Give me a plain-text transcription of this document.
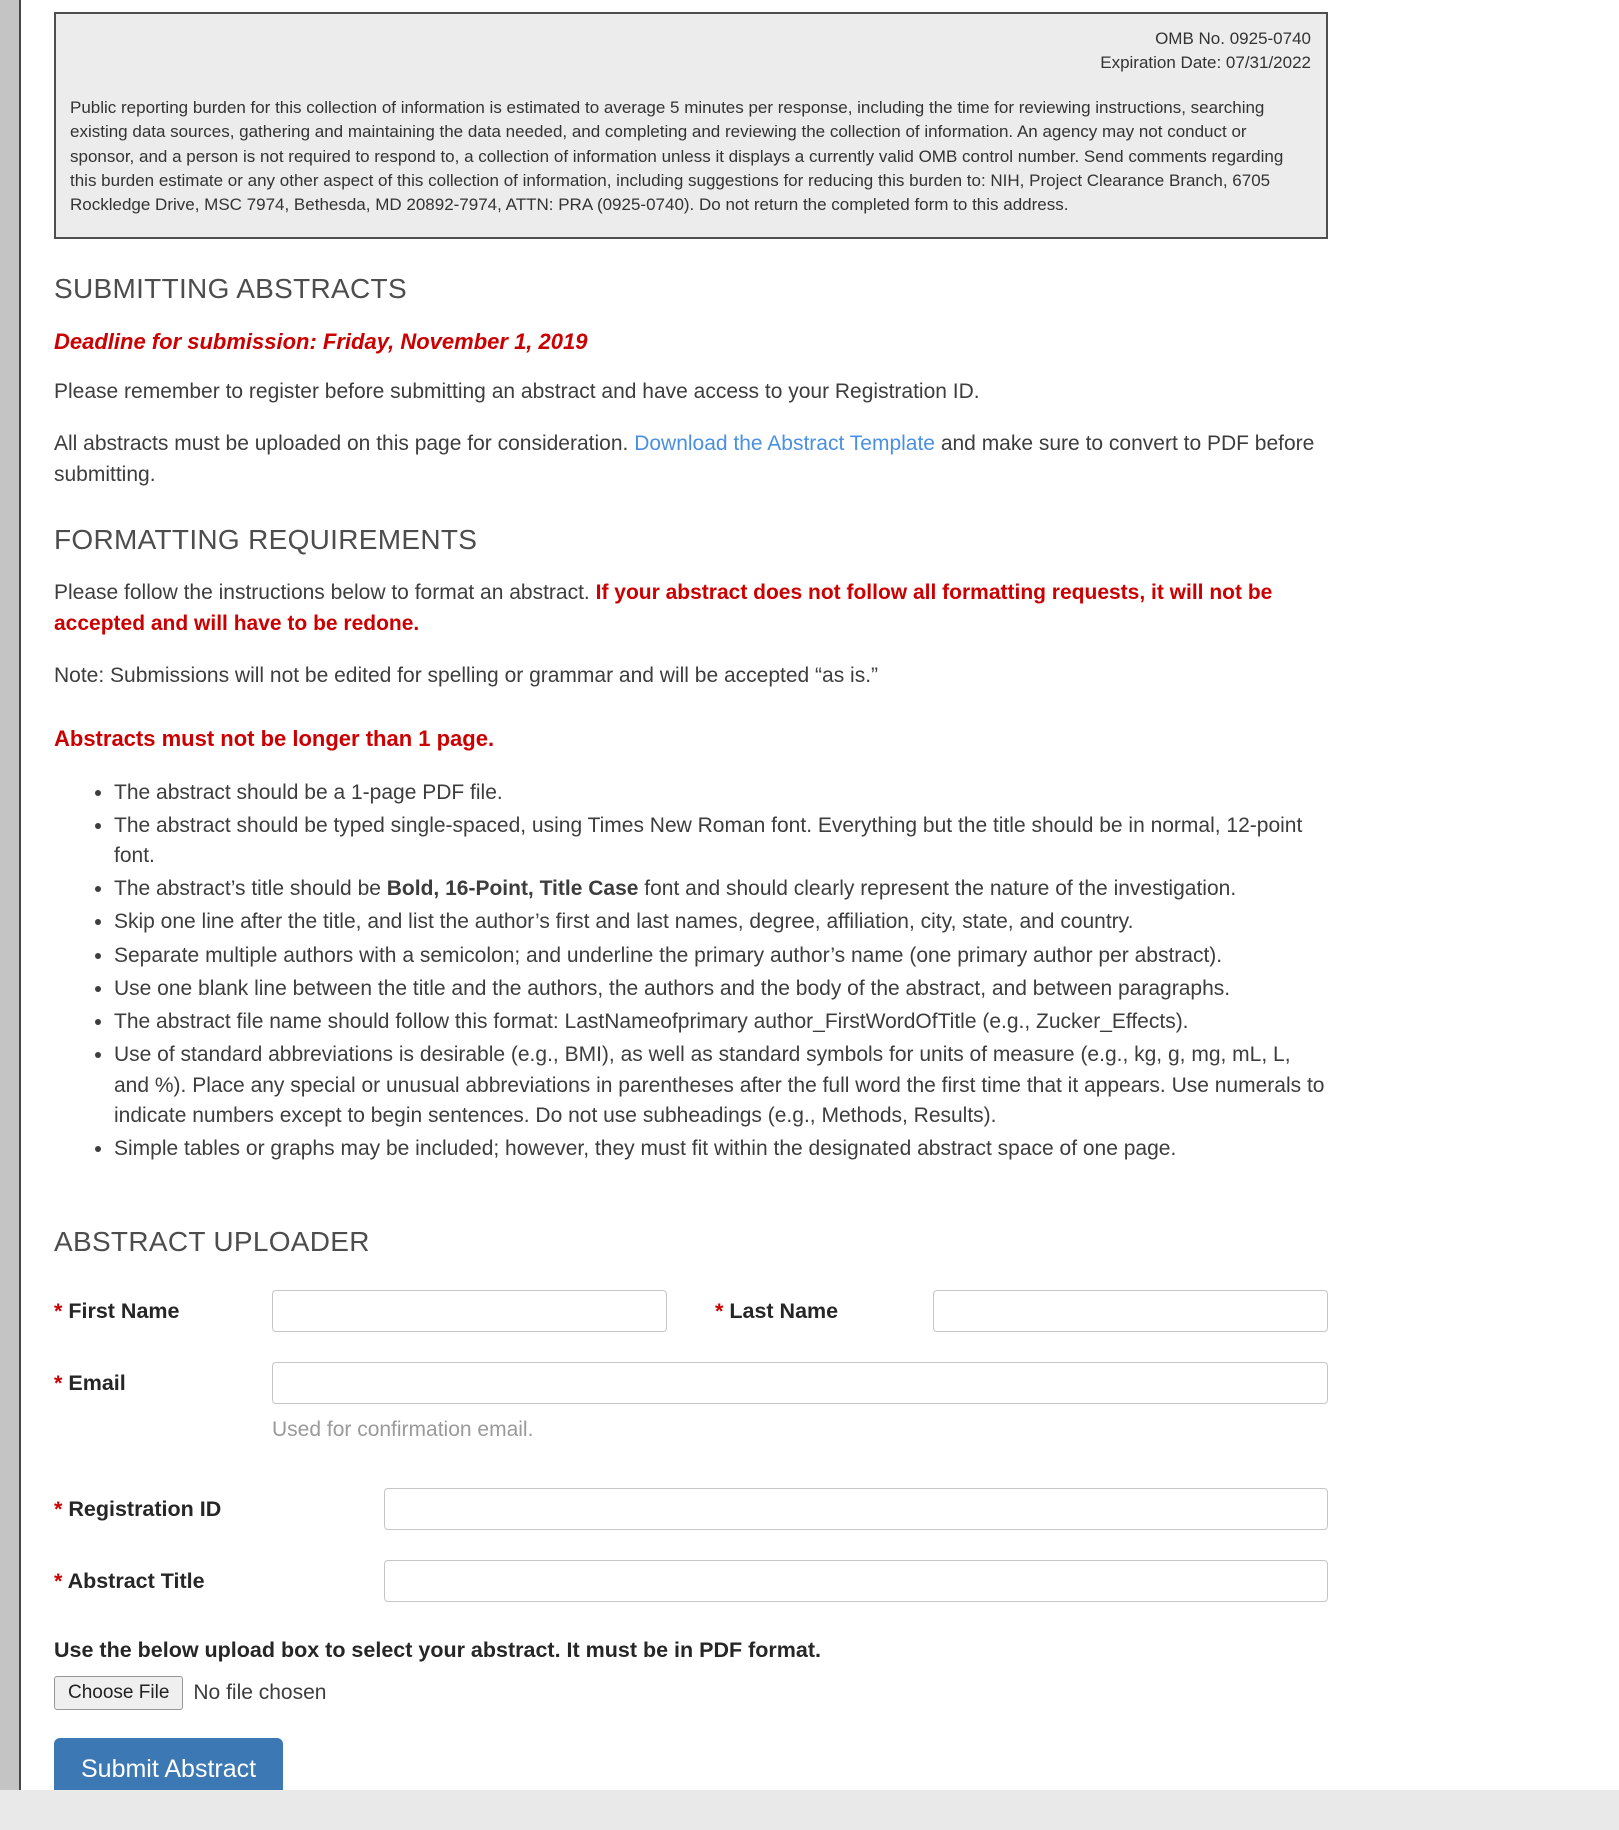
OMB No. 0925-0740
Expiration Date: 07/31/2022
Public reporting burden for this collection of information is estimated to average 5 minutes per response, including the time for reviewing instructions, searching existing data sources, gathering and maintaining the data needed, and completing and reviewing the collection of information. An agency may not conduct or sponsor, and a person is not required to respond to, a collection of information unless it displays a currently valid OMB control number. Send comments regarding this burden estimate or any other aspect of this collection of information, including suggestions for reducing this burden to: NIH, Project Clearance Branch, 6705 Rockledge Drive, MSC 7974, Bethesda, MD 20892-7974, ATTN: PRA (0925-0740). Do not return the completed form to this address.
SUBMITTING ABSTRACTS
Deadline for submission: Friday, November 1, 2019

Please remember to register before submitting an abstract and have access to your Registration ID.

All abstracts must be uploaded on this page for consideration. Download the Abstract Template and make sure to convert to PDF before submitting.

FORMATTING REQUIREMENTS

Please follow the instructions below to format an abstract. If your abstract does not follow all formatting requests, it will not be accepted and will have to be redone.

Note: Submissions will not be edited for spelling or grammar and will be accepted “as is.”

Abstracts must not be longer than 1 page.
• The abstract should be a 1-page PDF file.
• The abstract should be typed single-spaced, using Times New Roman font. Everything but the title should be in normal, 12-point font.
• The abstract’s title should be Bold, 16-Point, Title Case font and should clearly represent the nature of the investigation.
• Skip one line after the title, and list the author’s first and last names, degree, affiliation, city, state, and country.
• Separate multiple authors with a semicolon; and underline the primary author’s name (one primary author per abstract).
• Use one blank line between the title and the authors, the authors and the body of the abstract, and between paragraphs.
• The abstract file name should follow this format: LastNameofprimary author_FirstWordOfTitle (e.g., Zucker_Effects).
• Use of standard abbreviations is desirable (e.g., BMI), as well as standard symbols for units of measure (e.g., kg, g, mg, mL, L, and %). Place any special or unusual abbreviations in parentheses after the full word the first time that it appears. Use numerals to indicate numbers except to begin sentences. Do not use subheadings (e.g., Methods, Results).
• Simple tables or graphs may be included; however, they must fit within the designated abstract space of one page.
ABSTRACT UPLOADER
* First Name	* Last Name
* Email
Used for confirmation email.
* Registration ID
* Abstract Title
Use the below upload box to select your abstract. It must be in PDF format.
Choose File	No file chosen
Submit Abstract
